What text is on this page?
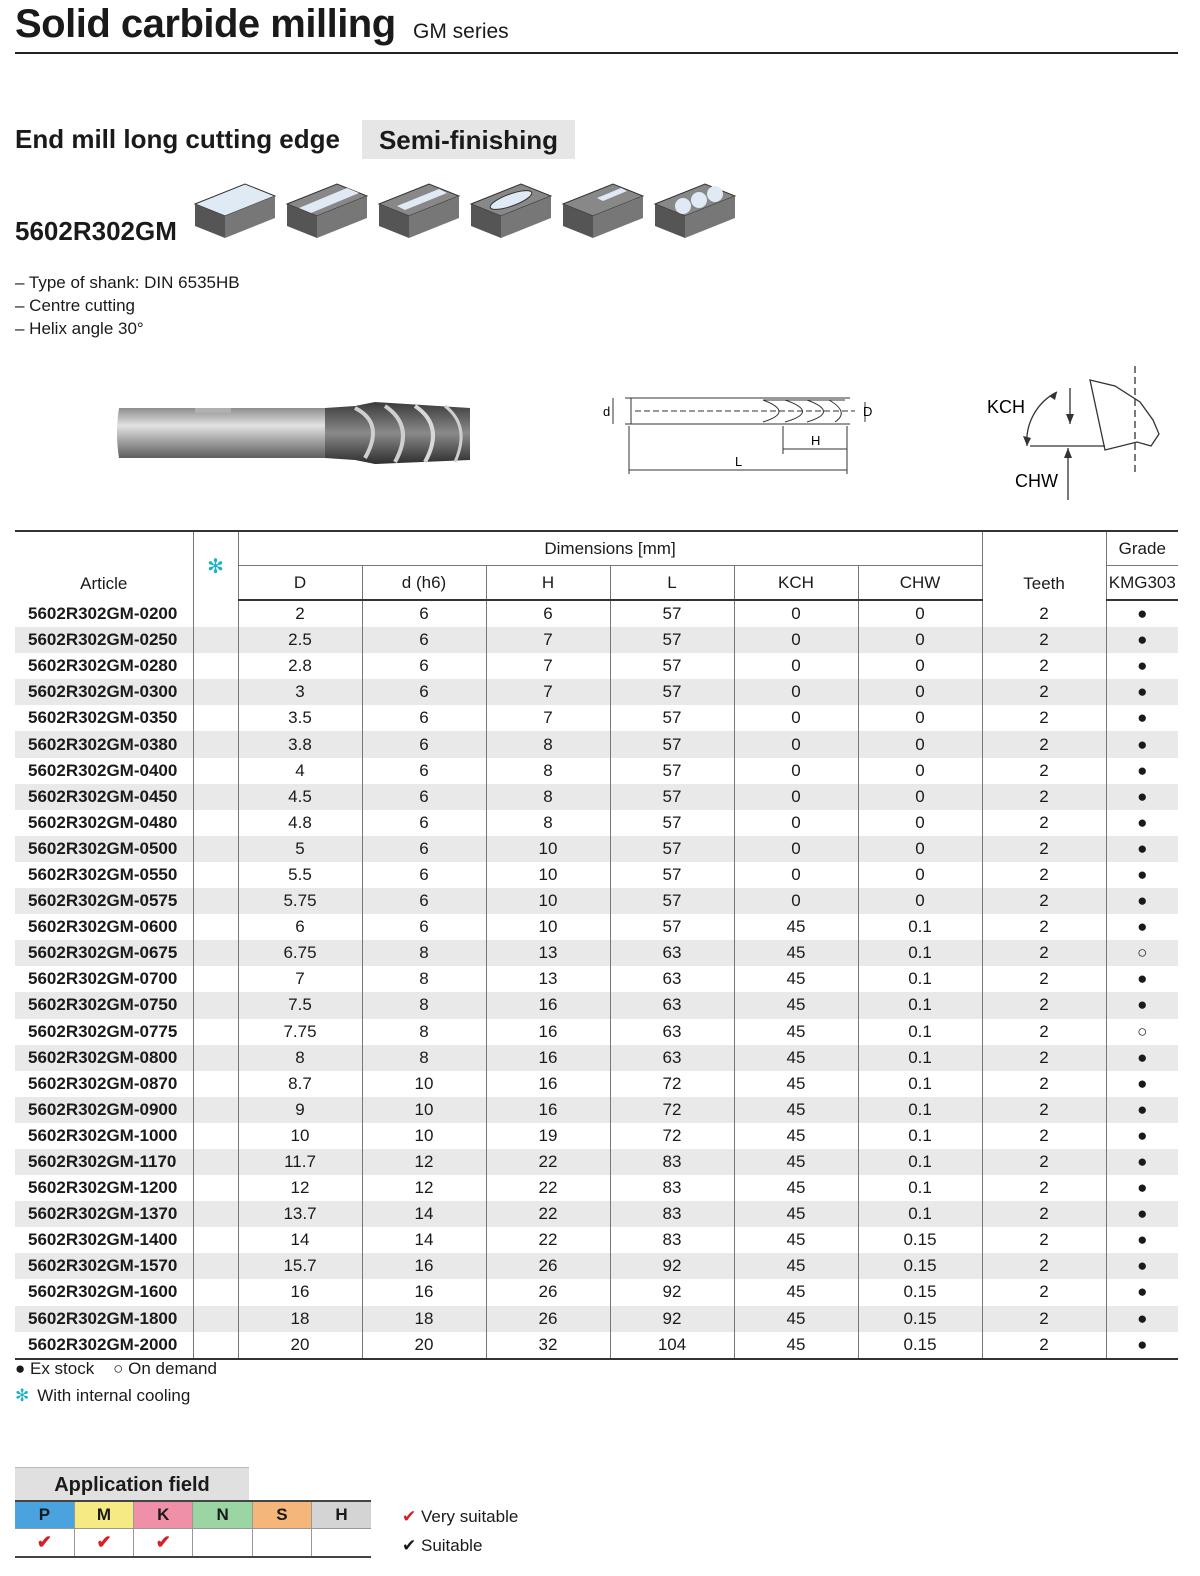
Solid carbide milling GM series
End mill long cutting edge	Semi-finishing
5602R302GM
– Type of shank: DIN 6535HB
– Centre cutting
– Helix angle 30°
d	D
H
L
KCH
CHW
Article	✻	Dimensions [mm]						Teeth	Grade
		D	d (h6)	H	L	KCH	CHW		KMG303
5602R302GM-0200		2	6	6	57	0	0	2	●
5602R302GM-0250		2.5	6	7	57	0	0	2	●
5602R302GM-0280		2.8	6	7	57	0	0	2	●
5602R302GM-0300		3	6	7	57	0	0	2	●
5602R302GM-0350		3.5	6	7	57	0	0	2	●
5602R302GM-0380		3.8	6	8	57	0	0	2	●
5602R302GM-0400		4	6	8	57	0	0	2	●
5602R302GM-0450		4.5	6	8	57	0	0	2	●
5602R302GM-0480		4.8	6	8	57	0	0	2	●
5602R302GM-0500		5	6	10	57	0	0	2	●
5602R302GM-0550		5.5	6	10	57	0	0	2	●
5602R302GM-0575		5.75	6	10	57	0	0	2	●
5602R302GM-0600		6	6	10	57	45	0.1	2	●
5602R302GM-0675		6.75	8	13	63	45	0.1	2	○
5602R302GM-0700		7	8	13	63	45	0.1	2	●
5602R302GM-0750		7.5	8	16	63	45	0.1	2	●
5602R302GM-0775		7.75	8	16	63	45	0.1	2	○
5602R302GM-0800		8	8	16	63	45	0.1	2	●
5602R302GM-0870		8.7	10	16	72	45	0.1	2	●
5602R302GM-0900		9	10	16	72	45	0.1	2	●
5602R302GM-1000		10	10	19	72	45	0.1	2	●
5602R302GM-1170		11.7	12	22	83	45	0.1	2	●
5602R302GM-1200		12	12	22	83	45	0.1	2	●
5602R302GM-1370		13.7	14	22	83	45	0.1	2	●
5602R302GM-1400		14	14	22	83	45	0.15	2	●
5602R302GM-1570		15.7	16	26	92	45	0.15	2	●
5602R302GM-1600		16	16	26	92	45	0.15	2	●
5602R302GM-1800		18	18	26	92	45	0.15	2	●
5602R302GM-2000		20	20	32	104	45	0.15	2	●
● Ex stock ○ On demand
✻ With internal cooling
Application field
P	M	K	N	S	H
✔	✔	✔			
✔ Very suitable
✔ Suitable
